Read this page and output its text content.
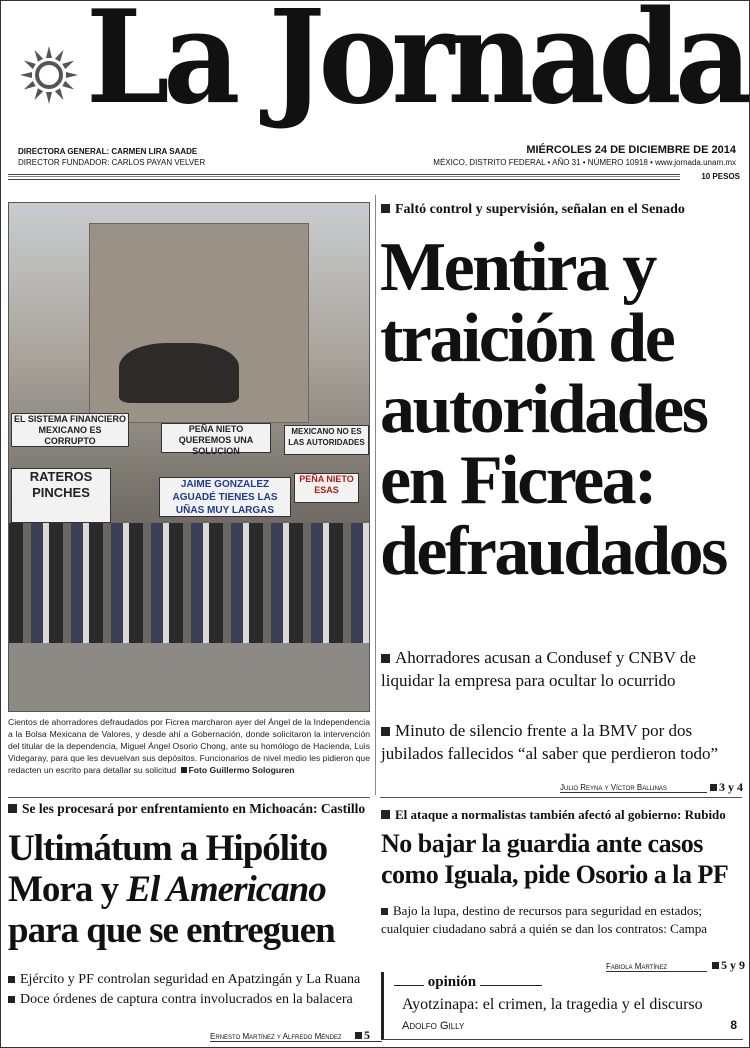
La Jornada
DIRECTORA GENERAL: CARMEN LIRA SAADE
DIRECTOR FUNDADOR: CARLOS PAYAN VELVER
MIÉRCOLES 24 DE DICIEMBRE DE 2014
MÉXICO, DISTRITO FEDERAL • AÑO 31 • NÚMERO 10918 • www.jornada.unam.mx
10 PESOS
EL SISTEMA FINANCIERO MEXICANO ES CORRUPTO
PEÑA NIETO QUEREMOS UNA SOLUCION
MEXICANO NO ES LAS AUTORIDADES
RATEROS PINCHES
JAIME GONZALEZ AGUADÉ TIENES LAS UÑAS MUY LARGAS
PEÑA NIETO ESAS
Cientos de ahorradores defraudados por Ficrea marcharon ayer del Ángel de la Independencia a la Bolsa Mexicana de Valores, y desde ahí a Gobernación, donde solicitaron la intervención del titular de la dependencia, Miguel Ángel Osorio Chong, ante su homólogo de Hacienda, Luis Videgaray, para que les devuelvan sus depósitos. Funcionarios de nivel medio les pidieron que redacten un escrito para detallar su solicitud Foto Guillermo Sologuren
Faltó control y supervisión, señalan en el Senado
Mentira y traición de autoridades en Ficrea: defraudados
Ahorradores acusan a Condusef y CNBV de liquidar la empresa para ocultar lo ocurrido
Minuto de silencio frente a la BMV por dos jubilados fallecidos “al saber que perdieron todo”
Julio Reyna y Víctor Ballinas	3 y 4
Se les procesará por enfrentamiento en Michoacán: Castillo
Ultimátum a Hipólito Mora y El Americano para que se entreguen
Ejército y PF controlan seguridad en Apatzingán y La Ruana
Doce órdenes de captura contra involucrados en la balacera
Ernesto Martínez y Alfredo Méndez	5
El ataque a normalistas también afectó al gobierno: Rubido
No bajar la guardia ante casos como Iguala, pide Osorio a la PF
Bajo la lupa, destino de recursos para seguridad en estados; cualquier ciudadano sabrá a quién se dan los contratos: Campa
Fabiola Martínez	5 y 9
opinión
Ayotzinapa: el crimen, la tragedia y el discurso
Adolfo Gilly	8
